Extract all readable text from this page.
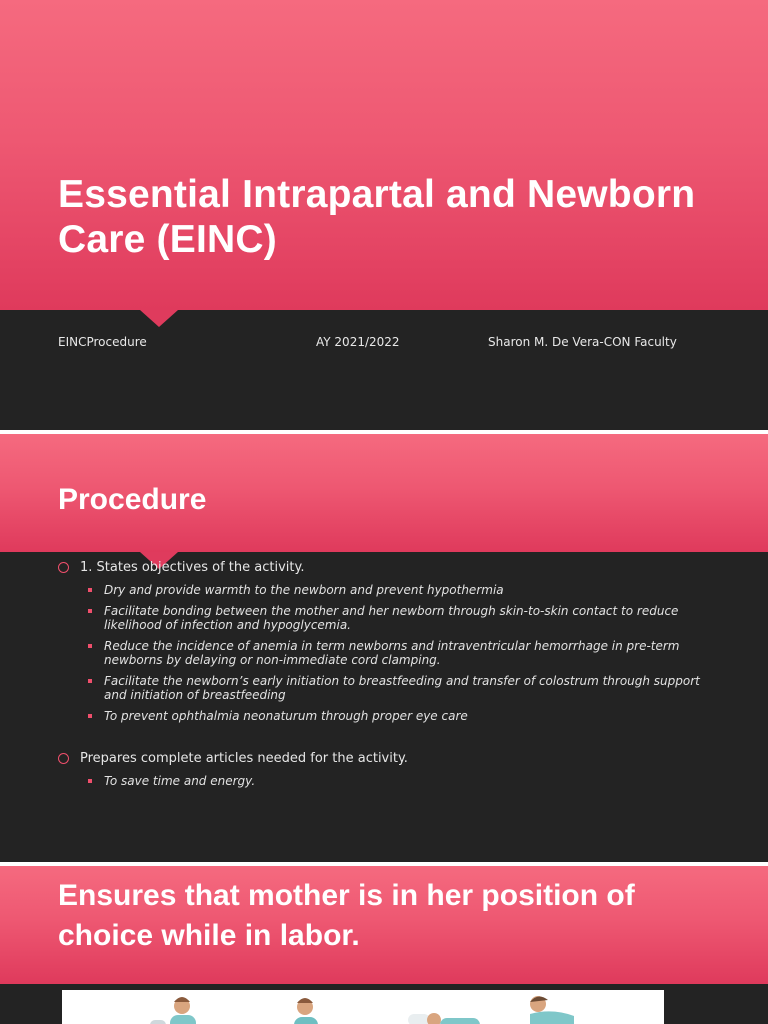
Essential Intrapartal and Newborn Care (EINC)
EINCProcedure	AY 2021/2022	Sharon M. De Vera-CON Faculty
Procedure

1. States objectives of the activity.

Dry and provide warmth to the newborn and prevent hypothermia
Facilitate bonding between the mother and her newborn through skin-to-skin contact to reduce likelihood of infection and hypoglycemia.
Reduce the incidence of anemia in term newborns and intraventricular hemorrhage in pre-term newborns by delaying or non-immediate cord clamping.
Facilitate the newborn’s early initiation to breastfeeding and transfer of colostrum through support and initiation of breastfeeding
To prevent ophthalmia neonaturum through proper eye care

Prepares complete articles needed for the activity.

To save time and energy.
Ensures that mother is in her position of choice while in labor.
